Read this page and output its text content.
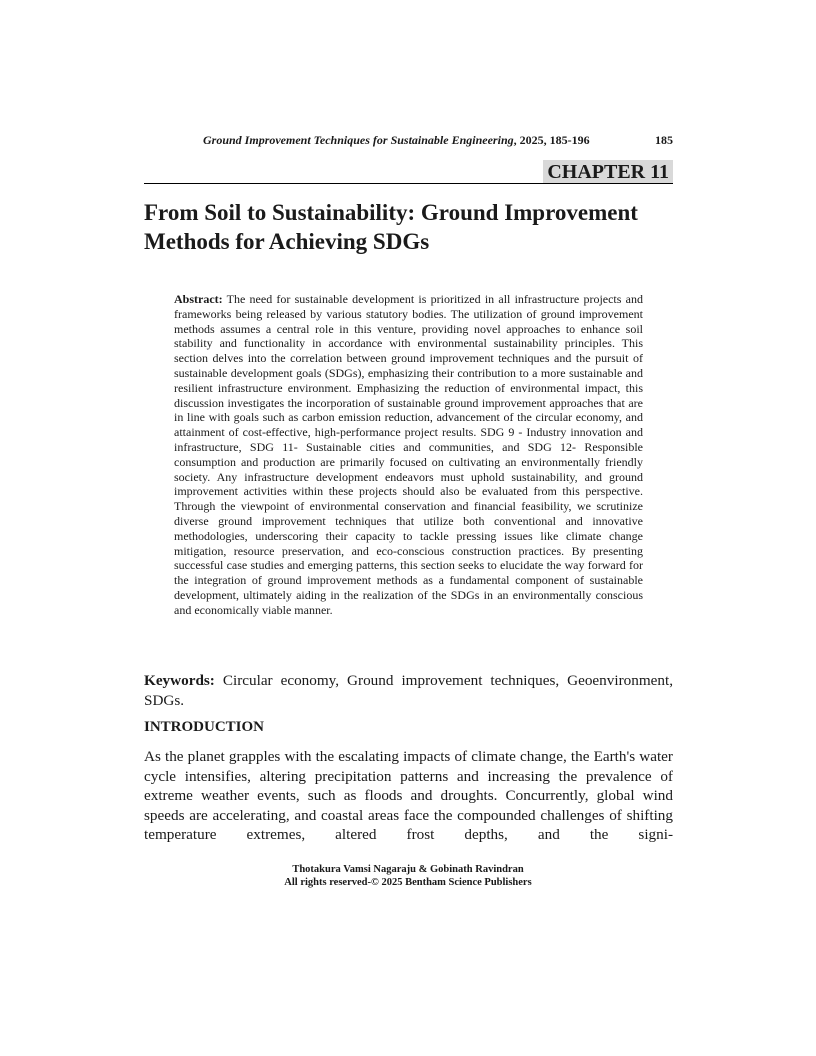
Ground Improvement Techniques for Sustainable Engineering, 2025, 185-196	185
CHAPTER 11
From Soil to Sustainability: Ground Improvement Methods for Achieving SDGs

Abstract: The need for sustainable development is prioritized in all infrastructure projects and frameworks being released by various statutory bodies. The utilization of ground improvement methods assumes a central role in this venture, providing novel approaches to enhance soil stability and functionality in accordance with environmental sustainability principles. This section delves into the correlation between ground improvement techniques and the pursuit of sustainable development goals (SDGs), emphasizing their contribution to a more sustainable and resilient infrastructure environment. Emphasizing the reduction of environmental impact, this discussion investigates the incorporation of sustainable ground improvement approaches that are in line with goals such as carbon emission reduction, advancement of the circular economy, and attainment of cost-effective, high-performance project results. SDG 9 - Industry innovation and infrastructure, SDG 11- Sustainable cities and communities, and SDG 12- Responsible consumption and production are primarily focused on cultivating an environmentally friendly society. Any infrastructure development endeavors must uphold sustainability, and ground improvement activities within these projects should also be evaluated from this perspective. Through the viewpoint of environmental conservation and financial feasibility, we scrutinize diverse ground improvement techniques that utilize both conventional and innovative methodologies, underscoring their capacity to tackle pressing issues like climate change mitigation, resource preservation, and eco-conscious construction practices. By presenting successful case studies and emerging patterns, this section seeks to elucidate the way forward for the integration of ground improvement methods as a fundamental component of sustainable development, ultimately aiding in the realization of the SDGs in an environmentally conscious and economically viable manner.

Keywords: Circular economy, Ground improvement techniques, Geoenvironment, SDGs.

INTRODUCTION

As the planet grapples with the escalating impacts of climate change, the Earth's water cycle intensifies, altering precipitation patterns and increasing the prevalence of extreme weather events, such as floods and droughts. Concurrently, global wind speeds are accelerating, and coastal areas face the compounded challenges of shifting temperature extremes, altered frost depths, and the signi-

Thotakura Vamsi Nagaraju & Gobinath Ravindran
All rights reserved-© 2025 Bentham Science Publishers
